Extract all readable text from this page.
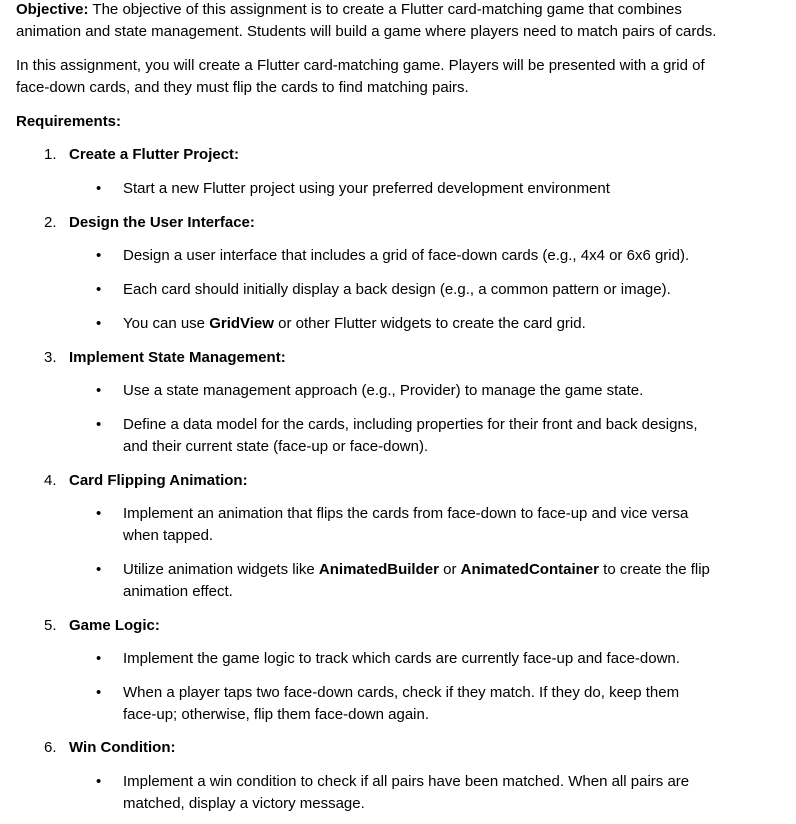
Objective: The objective of this assignment is to create a Flutter card-matching game that combines animation and state management. Students will build a game where players need to match pairs of cards.

In this assignment, you will create a Flutter card-matching game. Players will be presented with a grid of face-down cards, and they must flip the cards to find matching pairs.

Requirements:
1. Create a Flutter Project:
•	Start a new Flutter project using your preferred development environment
2. Design the User Interface:
•	Design a user interface that includes a grid of face-down cards (e.g., 4x4 or 6x6 grid).
•	Each card should initially display a back design (e.g., a common pattern or image).
•	You can use GridView or other Flutter widgets to create the card grid.
3. Implement State Management:
•	Use a state management approach (e.g., Provider) to manage the game state.
•	Define a data model for the cards, including properties for their front and back designs, and their current state (face-up or face-down).
4. Card Flipping Animation:
•	Implement an animation that flips the cards from face-down to face-up and vice versa when tapped.
•	Utilize animation widgets like AnimatedBuilder or AnimatedContainer to create the flip animation effect.
5. Game Logic:
•	Implement the game logic to track which cards are currently face-up and face-down.
•	When a player taps two face-down cards, check if they match. If they do, keep them face-up; otherwise, flip them face-down again.
6. Win Condition:
•	Implement a win condition to check if all pairs have been matched. When all pairs are matched, display a victory message.
